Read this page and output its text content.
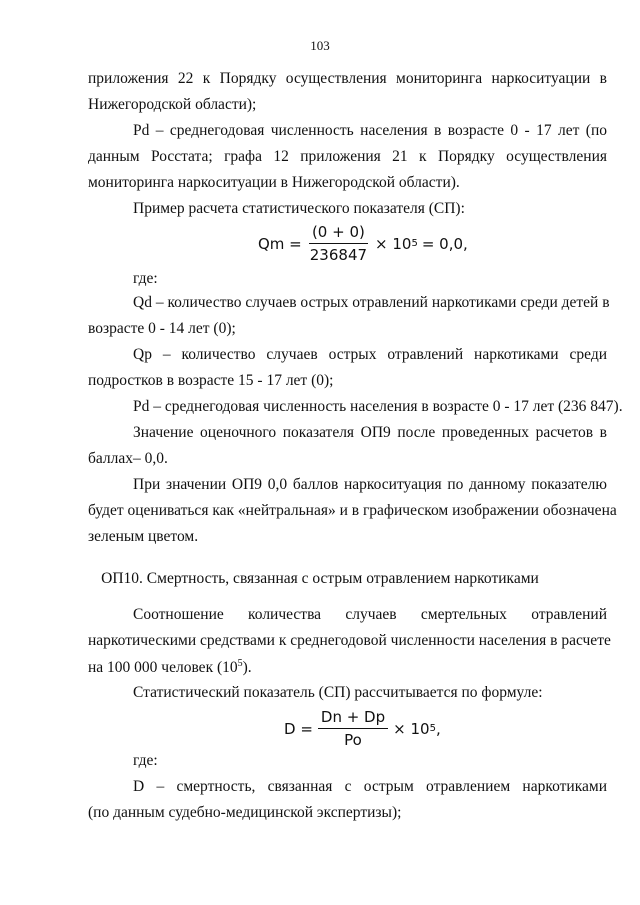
103
приложения 22 к Порядку осуществления мониторинга наркоситуации в
Нижегородской области);
Pd – среднегодовая численность населения в возрасте 0 - 17 лет (по
данным Росстата; графа 12 приложения 21 к Порядку осуществления
мониторинга наркоситуации в Нижегородской области).
Пример расчета статистического показателя (СП):
$Qm = \frac{(0 + 0)}{236847} \times 10$ 5 = 0,0,
где:
Qd – количество случаев острых отравлений наркотиками среди детей в
возрасте 0 - 14 лет (0);
Qp – количество случаев острых отравлений наркотиками среди
подростков в возрасте 15 - 17 лет (0);
Pd – среднегодовая численность населения в возрасте 0 - 17 лет (236 847).
Значение оценочного показателя ОП9 после проведенных расчетов в
баллах– 0,0.
При значении ОП9 0,0 баллов наркоситуация по данному показателю
будет оцениваться как «нейтральная» и в графическом изображении обозначена
зеленым цветом.
ОП10. Смертность, связанная с острым отравлением наркотиками
Соотношение количества случаев смертельных отравлений
наркотическими средствами к среднегодовой численности населения в расчете
на 100 000 человек $(10^5)$.
Статистический показатель (СП) рассчитывается по формуле:
$D = \frac{Dn + Dp}{Po} \times 10$ 5 ,
где:
D – смертность, связанная с острым отравлением наркотиками
(по данным судебно-медицинской экспертизы);
